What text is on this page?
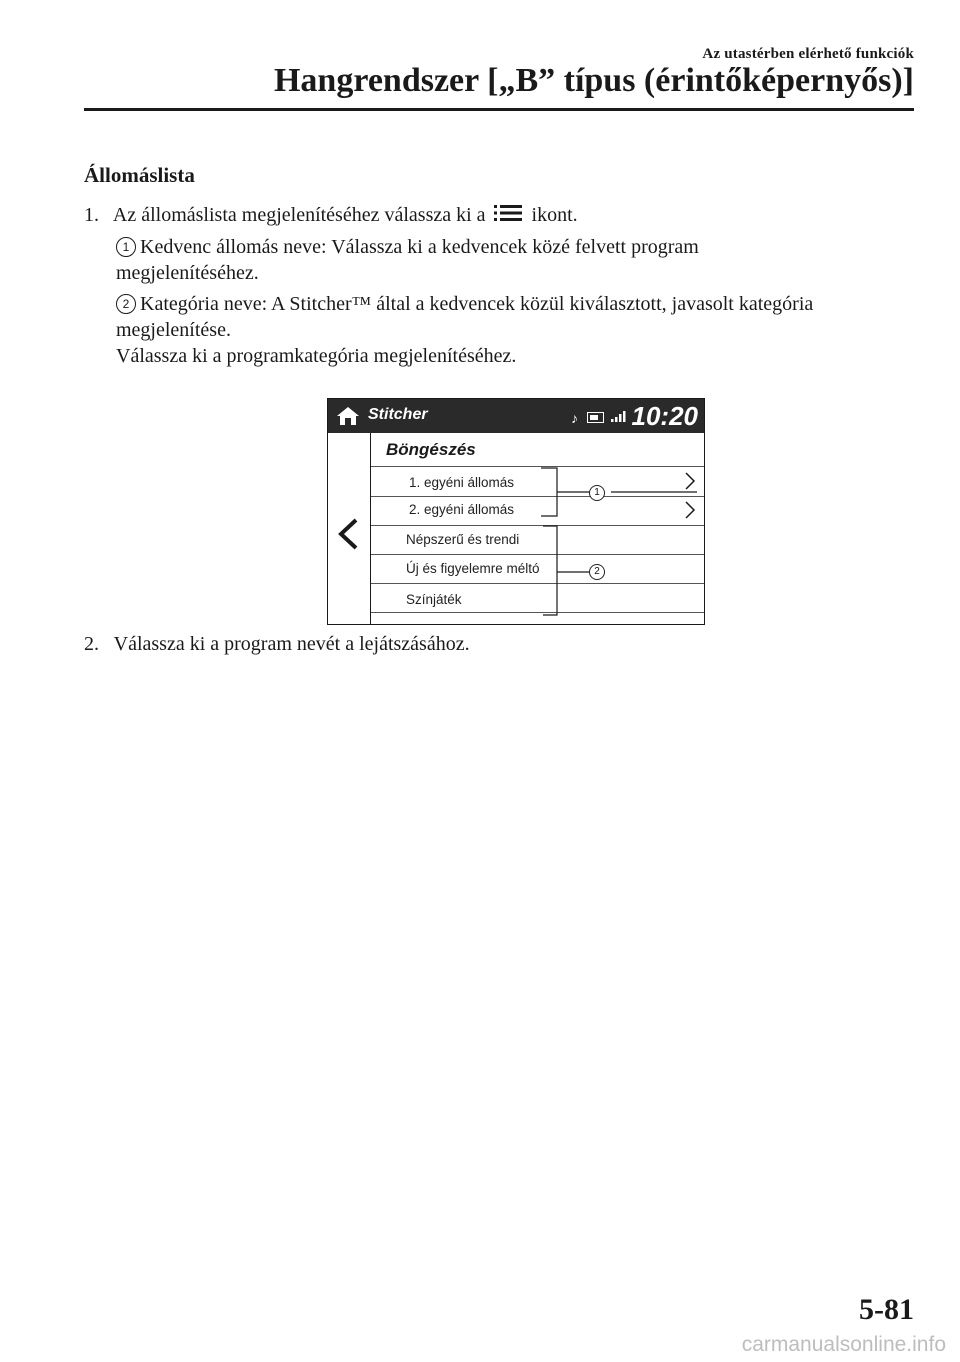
Az utastérben elérhető funkciók
Hangrendszer [„B” típus (érintőképernyős)]
Állomáslista
1. Az állomáslista megjelenítéséhez válassza ki a ikont.
1 Kedvenc állomás neve: Válassza ki a kedvencek közé felvett program
megjelenítéséhez.
2 Kategória neve: A Stitcher™ által a kedvencek közül kiválasztott, javasolt kategória
megjelenítése.
Válassza ki a programkategória megjelenítéséhez.
Stitcher	♪ 10:20
Böngészés
1. egyéni állomás
2. egyéni állomás
Népszerű és trendi
Új és figyelemre méltó
Színjáték
1
2
2. Válassza ki a program nevét a lejátszásához.
5-81
carmanualsonline.info
